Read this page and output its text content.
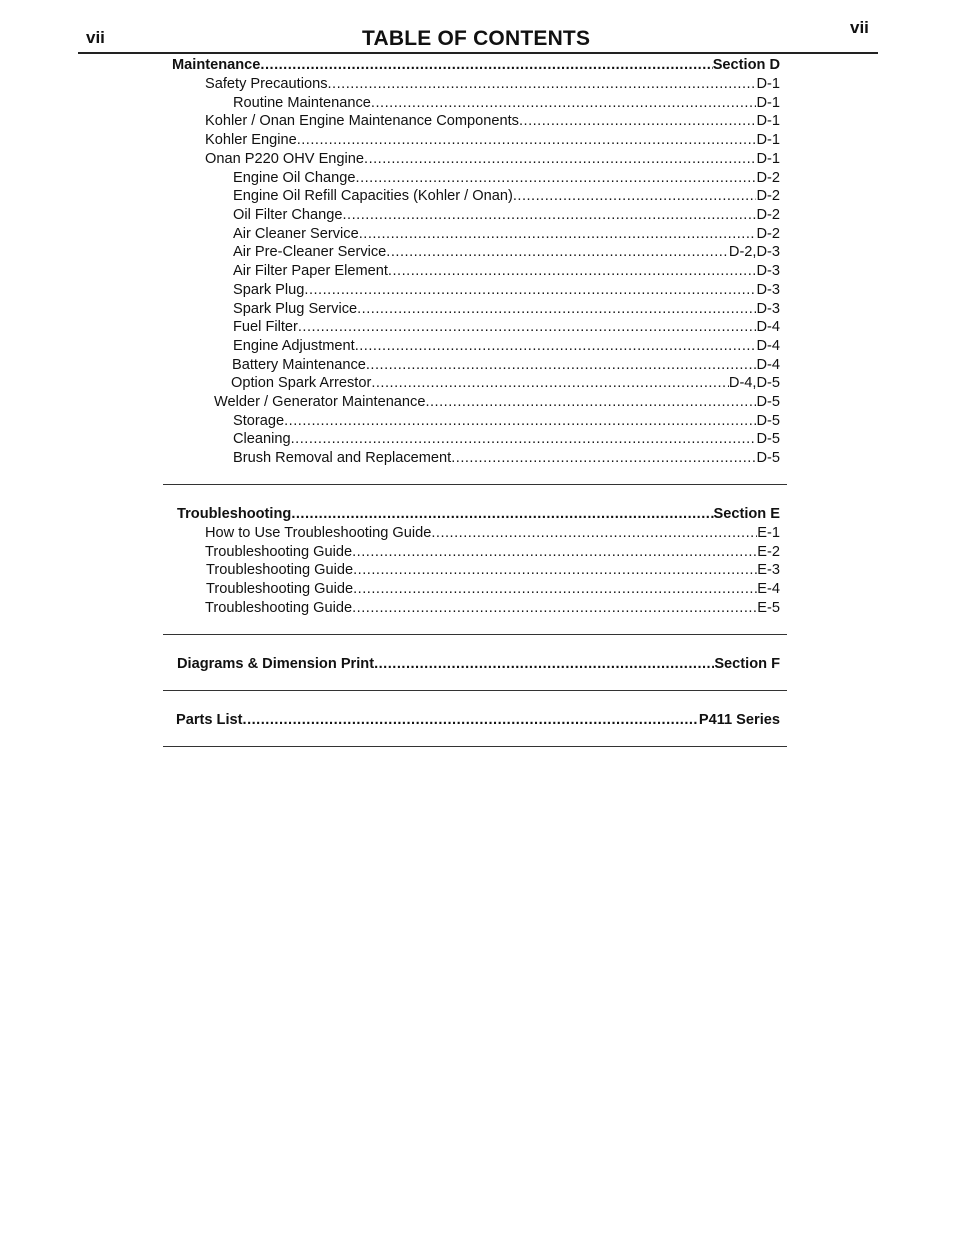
vii
vii
TABLE OF CONTENTS
Maintenance .....	Section D
Safety Precautions .....	D-1
Routine Maintenance .....	D-1
Kohler / Onan Engine Maintenance Components .....	D-1
Kohler Engine .....	D-1
Onan P220 OHV Engine .....	D-1
Engine Oil Change .....	D-2
Engine Oil Refill Capacities (Kohler / Onan) .....	D-2
Oil Filter Change .....	D-2
Air Cleaner Service .....	D-2
Air Pre-Cleaner Service .....	D-2,D-3
Air Filter Paper Element .....	D-3
Spark Plug .....	D-3
Spark Plug Service .....	D-3
Fuel Filter .....	D-4
Engine Adjustment .....	D-4
Battery Maintenance .....	D-4
Option Spark Arrestor .....	D-4,D-5
Welder / Generator Maintenance .....	D-5
Storage .....	D-5
Cleaning .....	D-5
Brush Removal and Replacement .....	D-5
Troubleshooting .....	Section E
How to Use Troubleshooting Guide .....	E-1
Troubleshooting Guide .....	E-2
Troubleshooting Guide .....	E-3
Troubleshooting Guide .....	E-4
Troubleshooting Guide .....	E-5
Diagrams & Dimension Print .....	Section F
Parts List .....	P411 Series
